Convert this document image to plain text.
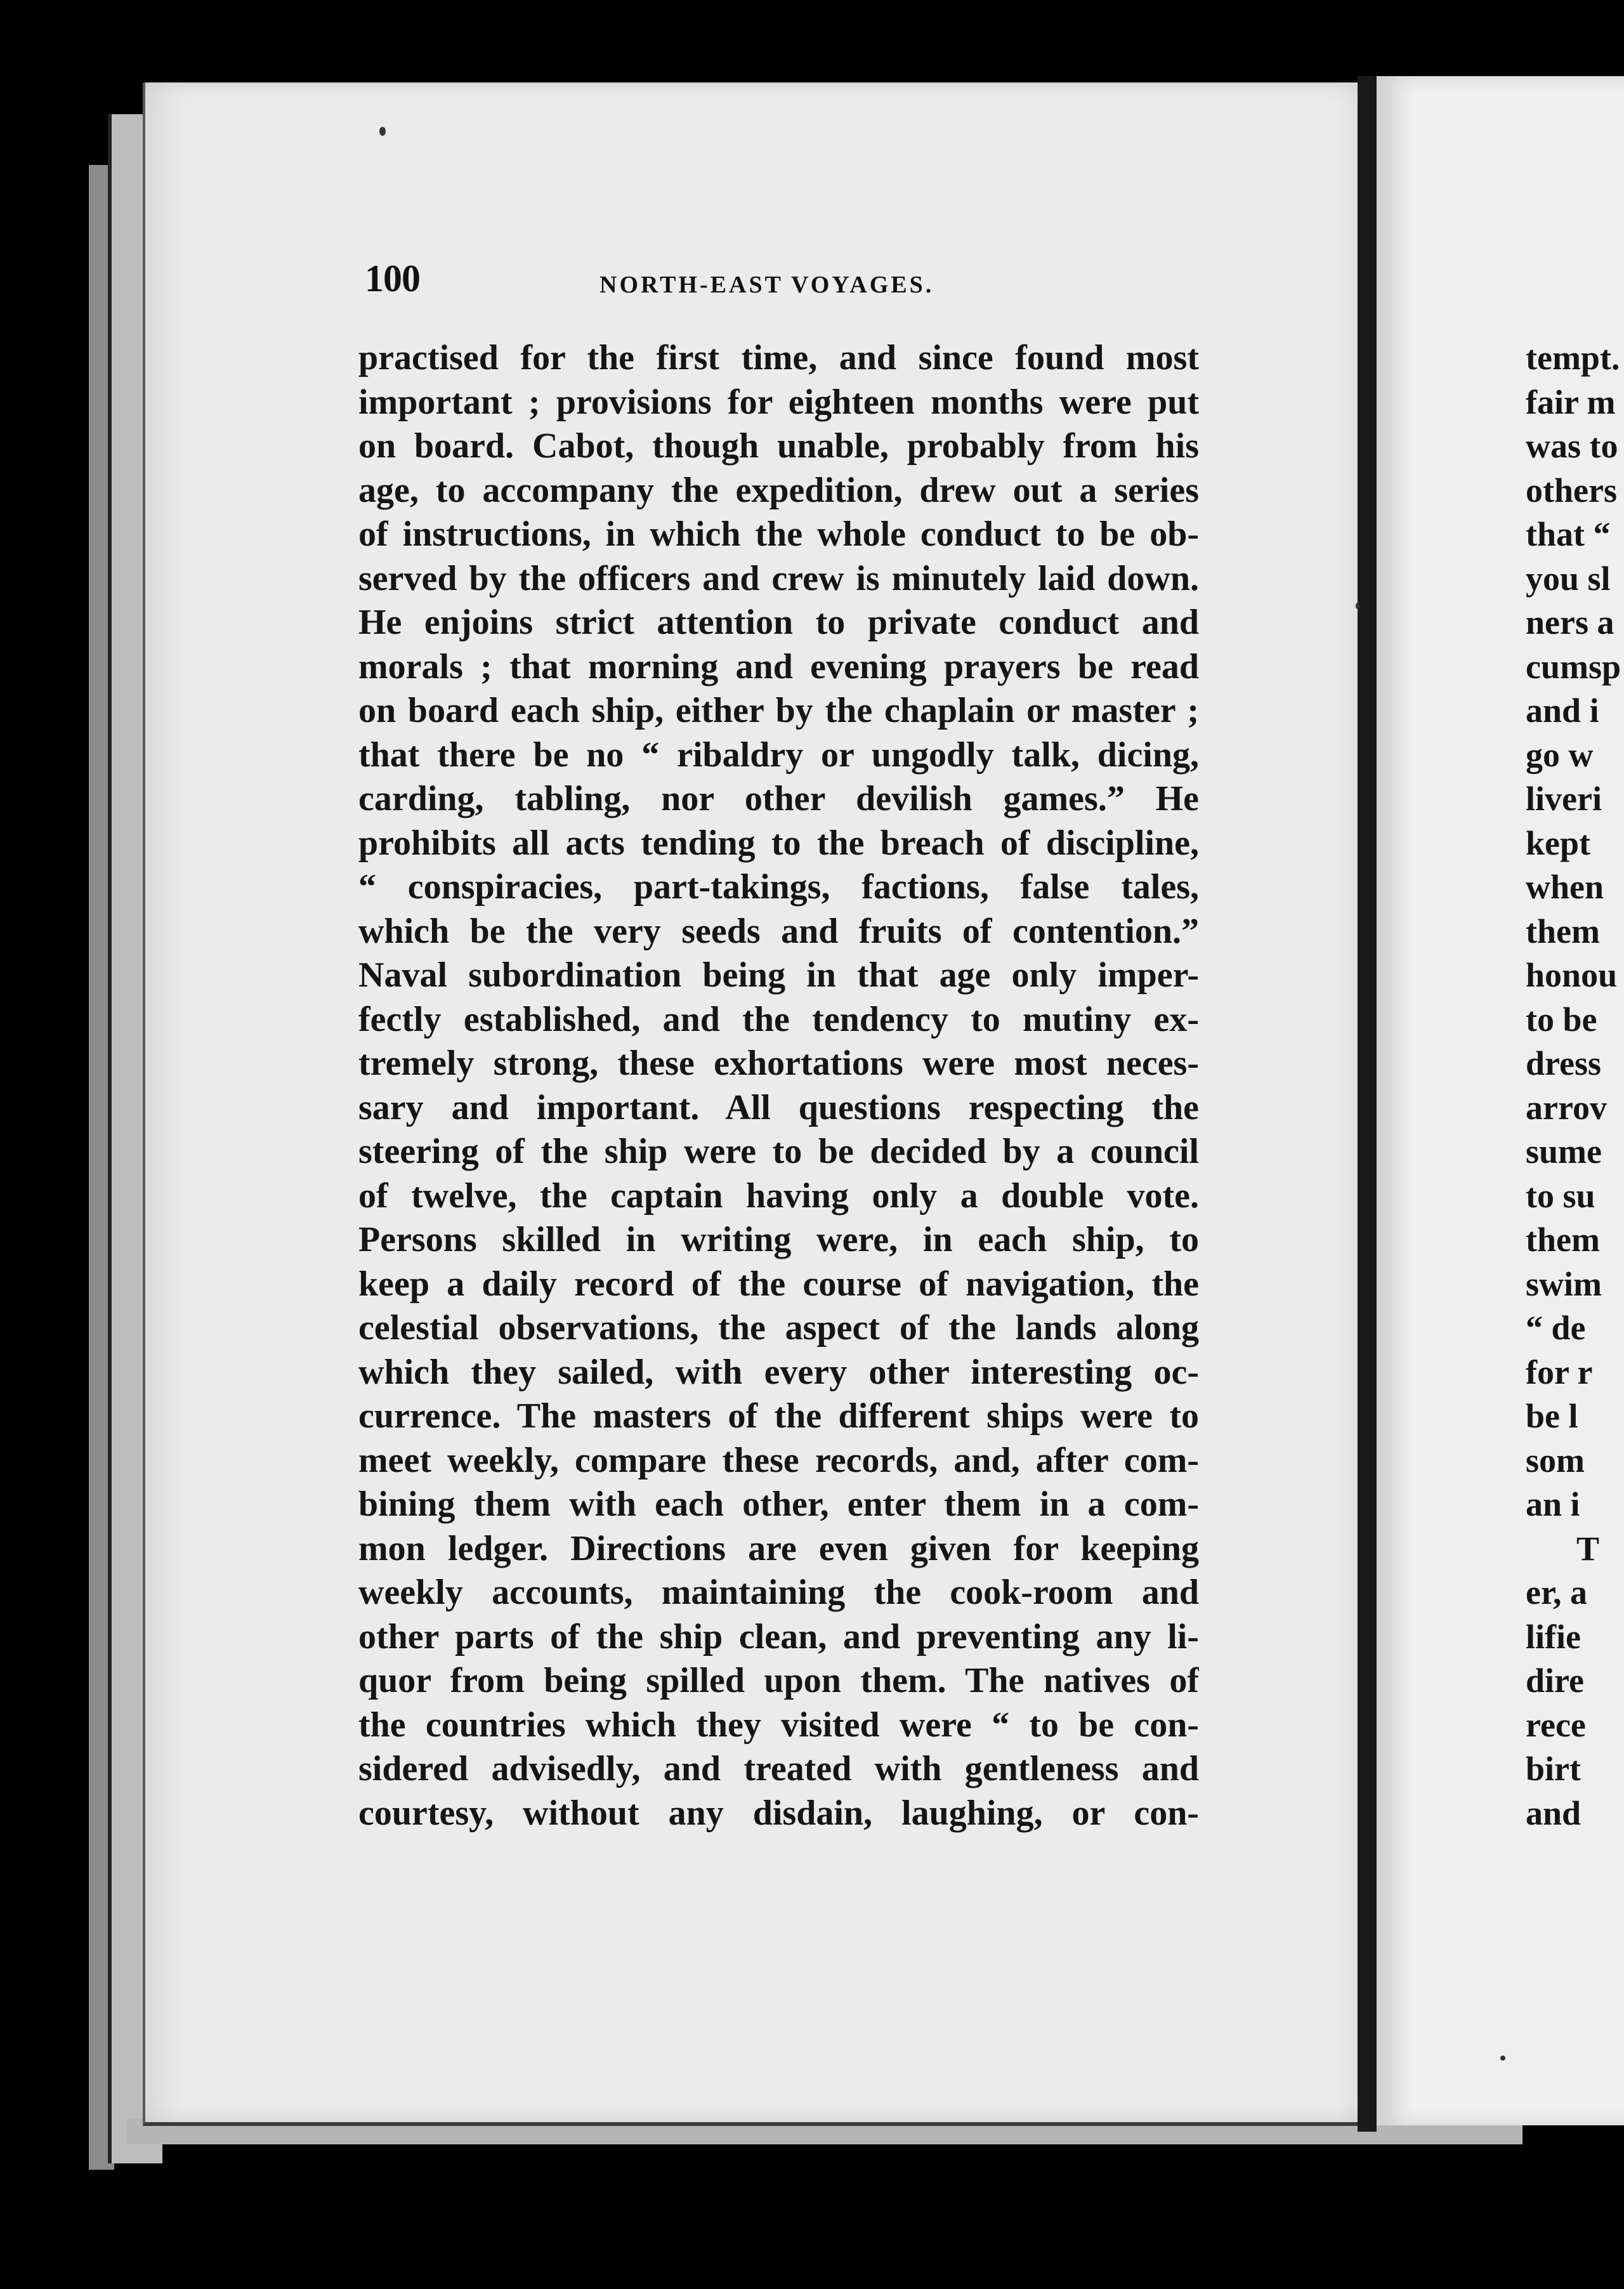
100	NORTH-EAST VOYAGES.
practised for the first time, and since found most
important ; provisions for eighteen months were put
on board. Cabot, though unable, probably from his
age, to accompany the expedition, drew out a series
of instructions, in which the whole conduct to be ob-
served by the officers and crew is minutely laid down.
He enjoins strict attention to private conduct and
morals ; that morning and evening prayers be read
on board each ship, either by the chaplain or master ;
that there be no “ ribaldry or ungodly talk, dicing,
carding, tabling, nor other devilish games.” He
prohibits all acts tending to the breach of discipline,
“ conspiracies, part-takings, factions, false tales,
which be the very seeds and fruits of contention.”
Naval subordination being in that age only imper-
fectly established, and the tendency to mutiny ex-
tremely strong, these exhortations were most neces-
sary and important. All questions respecting the
steering of the ship were to be decided by a council
of twelve, the captain having only a double vote.
Persons skilled in writing were, in each ship, to
keep a daily record of the course of navigation, the
celestial observations, the aspect of the lands along
which they sailed, with every other interesting oc-
currence. The masters of the different ships were to
meet weekly, compare these records, and, after com-
bining them with each other, enter them in a com-
mon ledger. Directions are even given for keeping
weekly accounts, maintaining the cook-room and
other parts of the ship clean, and preventing any li-
quor from being spilled upon them. The natives of
the countries which they visited were “ to be con-
sidered advisedly, and treated with gentleness and
courtesy, without any disdain, laughing, or con-
tempt.
fair m
was to
others
that “
you sl
ners a
cumsp
and i
go w
liveri
kept
when
them
honou
to be
dress
arrov
sume
to su
them
swim
“ de
for r
be l
som
an i
T
er, a
lifie
dire
rece
birt
and
